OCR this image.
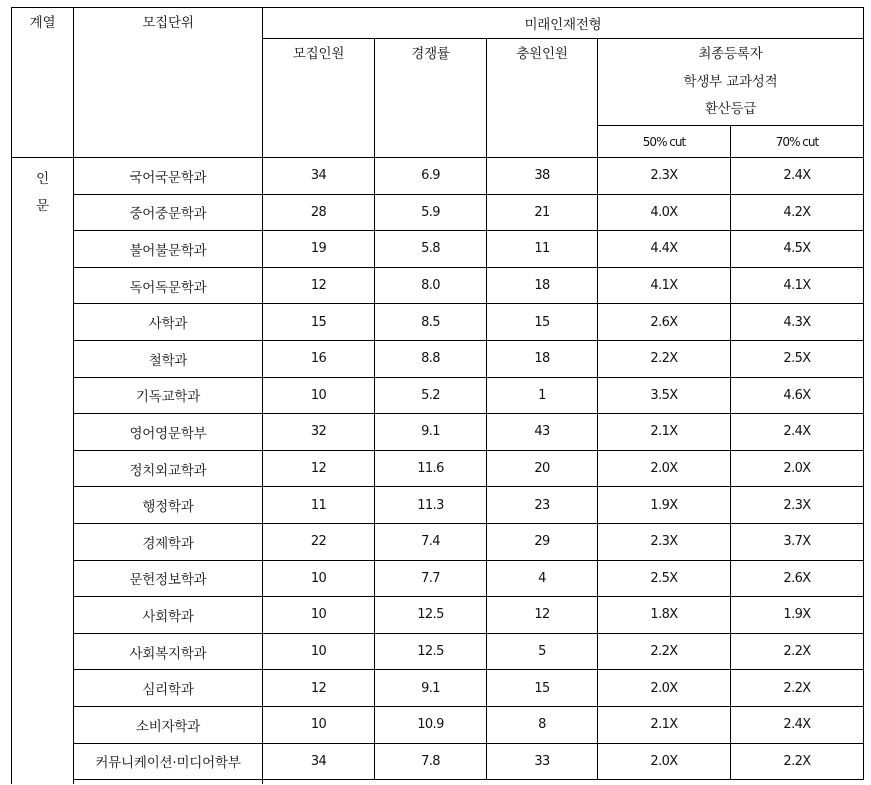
계열	모집단위	미래인재전형				
		모집인원	경쟁률	충원인원	최종등록자
학생부 교과성적
환산등급	

					50% cut	70% cut

인
문	국어국문학과	34	6.9	38	2.3X	2.4X
	중어중문학과	28	5.9	21	4.0X	4.2X
	불어불문학과	19	5.8	11	4.4X	4.5X
	독어독문학과	12	8.0	18	4.1X	4.1X
	사학과	15	8.5	15	2.6X	4.3X
	철학과	16	8.8	18	2.2X	2.5X
	기독교학과	10	5.2	1	3.5X	4.6X
	영어영문학부	32	9.1	43	2.1X	2.4X
	정치외교학과	12	11.6	20	2.0X	2.0X
	행정학과	11	11.3	23	1.9X	2.3X
	경제학과	22	7.4	29	2.3X	3.7X
	문헌정보학과	10	7.7	4	2.5X	2.6X
	사회학과	10	12.5	12	1.8X	1.9X
	사회복지학과	10	12.5	5	2.2X	2.2X
	심리학과	12	9.1	15	2.0X	2.2X
	소비자학과	10	10.9	8	2.1X	2.4X
	커뮤니케이션·미디어학부	34	7.8	33	2.0X	2.2X
